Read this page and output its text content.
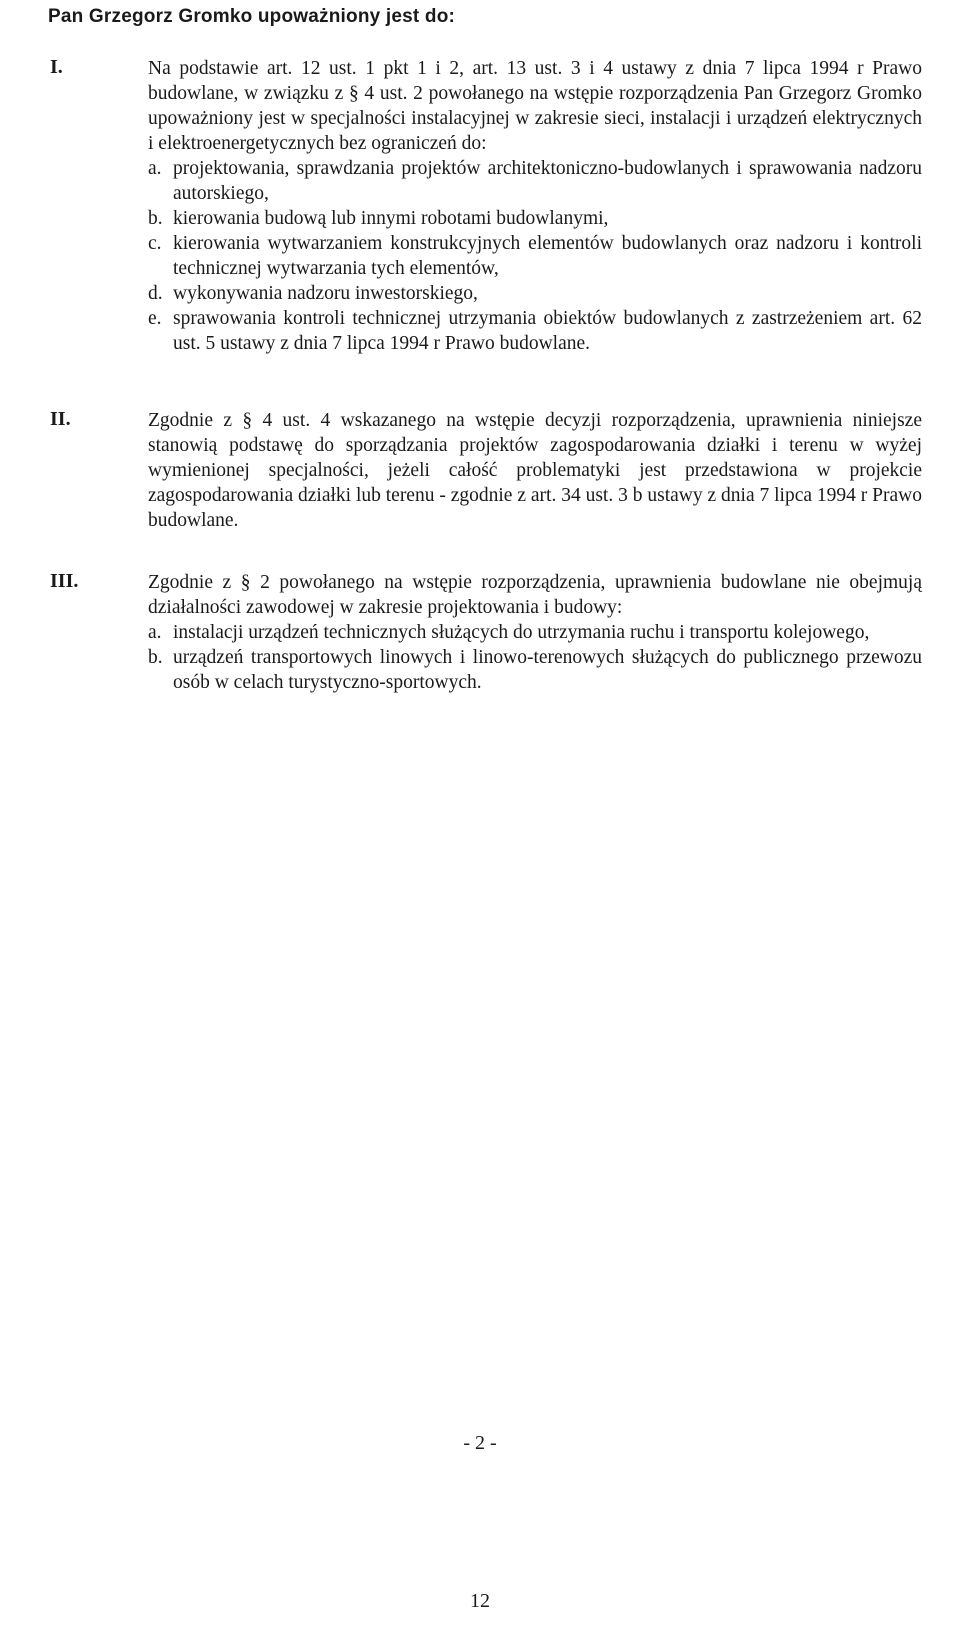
Pan Grzegorz Gromko upoważniony jest do:
I.	Na podstawie art. 12 ust. 1 pkt 1 i 2, art. 13 ust. 3 i 4 ustawy z dnia 7 lipca 1994 r Prawo budowlane, w związku z § 4 ust. 2 powołanego na wstępie rozporządzenia Pan Grzegorz Gromko upoważniony jest w specjalności instalacyjnej w zakresie sieci, instalacji i urządzeń elektrycznych i elektroenergetycznych bez ograniczeń do:

a. projektowania, sprawdzania projektów architektoniczno-budowlanych i sprawowania nadzoru autorskiego,
b. kierowania budową lub innymi robotami budowlanymi,
c. kierowania wytwarzaniem konstrukcyjnych elementów budowlanych oraz nadzoru i kontroli technicznej wytwarzania tych elementów,
d. wykonywania nadzoru inwestorskiego,
e. sprawowania kontroli technicznej utrzymania obiektów budowlanych z zastrzeżeniem art. 62 ust. 5 ustawy z dnia 7 lipca 1994 r Prawo budowlane.
II.	Zgodnie z § 4 ust. 4 wskazanego na wstępie decyzji rozporządzenia, uprawnienia niniejsze stanowią podstawę do sporządzania projektów zagospodarowania działki i terenu w wyżej wymienionej specjalności, jeżeli całość problematyki jest przedstawiona w projekcie zagospodarowania działki lub terenu - zgodnie z art. 34 ust. 3 b ustawy z dnia 7 lipca 1994 r Prawo budowlane.

III.	Zgodnie z § 2 powołanego na wstępie rozporządzenia, uprawnienia budowlane nie obejmują działalności zawodowej w zakresie projektowania i budowy:

a. instalacji urządzeń technicznych służących do utrzymania ruchu i transportu kolejowego,
b. urządzeń transportowych linowych i linowo-terenowych służących do publicznego przewozu osób w celach turystyczno-sportowych.
- 2 -
12
